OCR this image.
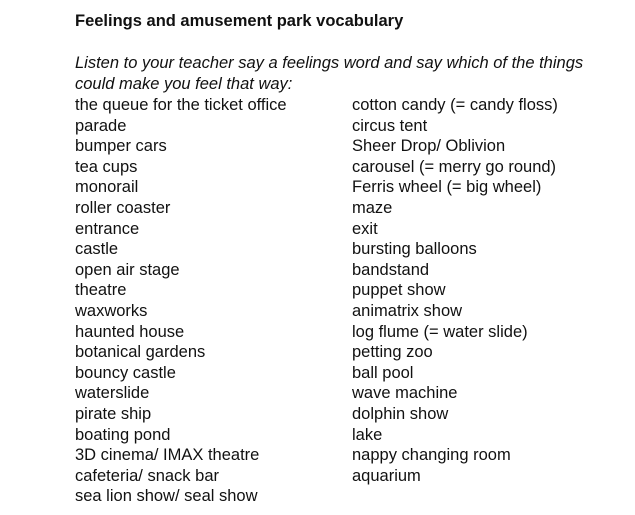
Feelings and amusement park vocabulary

Listen to your teacher say a feelings word and say which of the things could make you feel that way:

the queue for the ticket office
parade
bumper cars
tea cups
monorail
roller coaster
entrance
castle
open air stage
theatre
waxworks
haunted house
botanical gardens
bouncy castle
waterslide
pirate ship
boating pond
3D cinema/ IMAX theatre
cafeteria/ snack bar
sea lion show/ seal show
cotton candy (= candy floss)
circus tent
Sheer Drop/ Oblivion
carousel (= merry go round)
Ferris wheel (= big wheel)
maze
exit
bursting balloons
bandstand
puppet show
animatrix show
log flume (= water slide)
petting zoo
ball pool
wave machine
dolphin show
lake
nappy changing room
aquarium
